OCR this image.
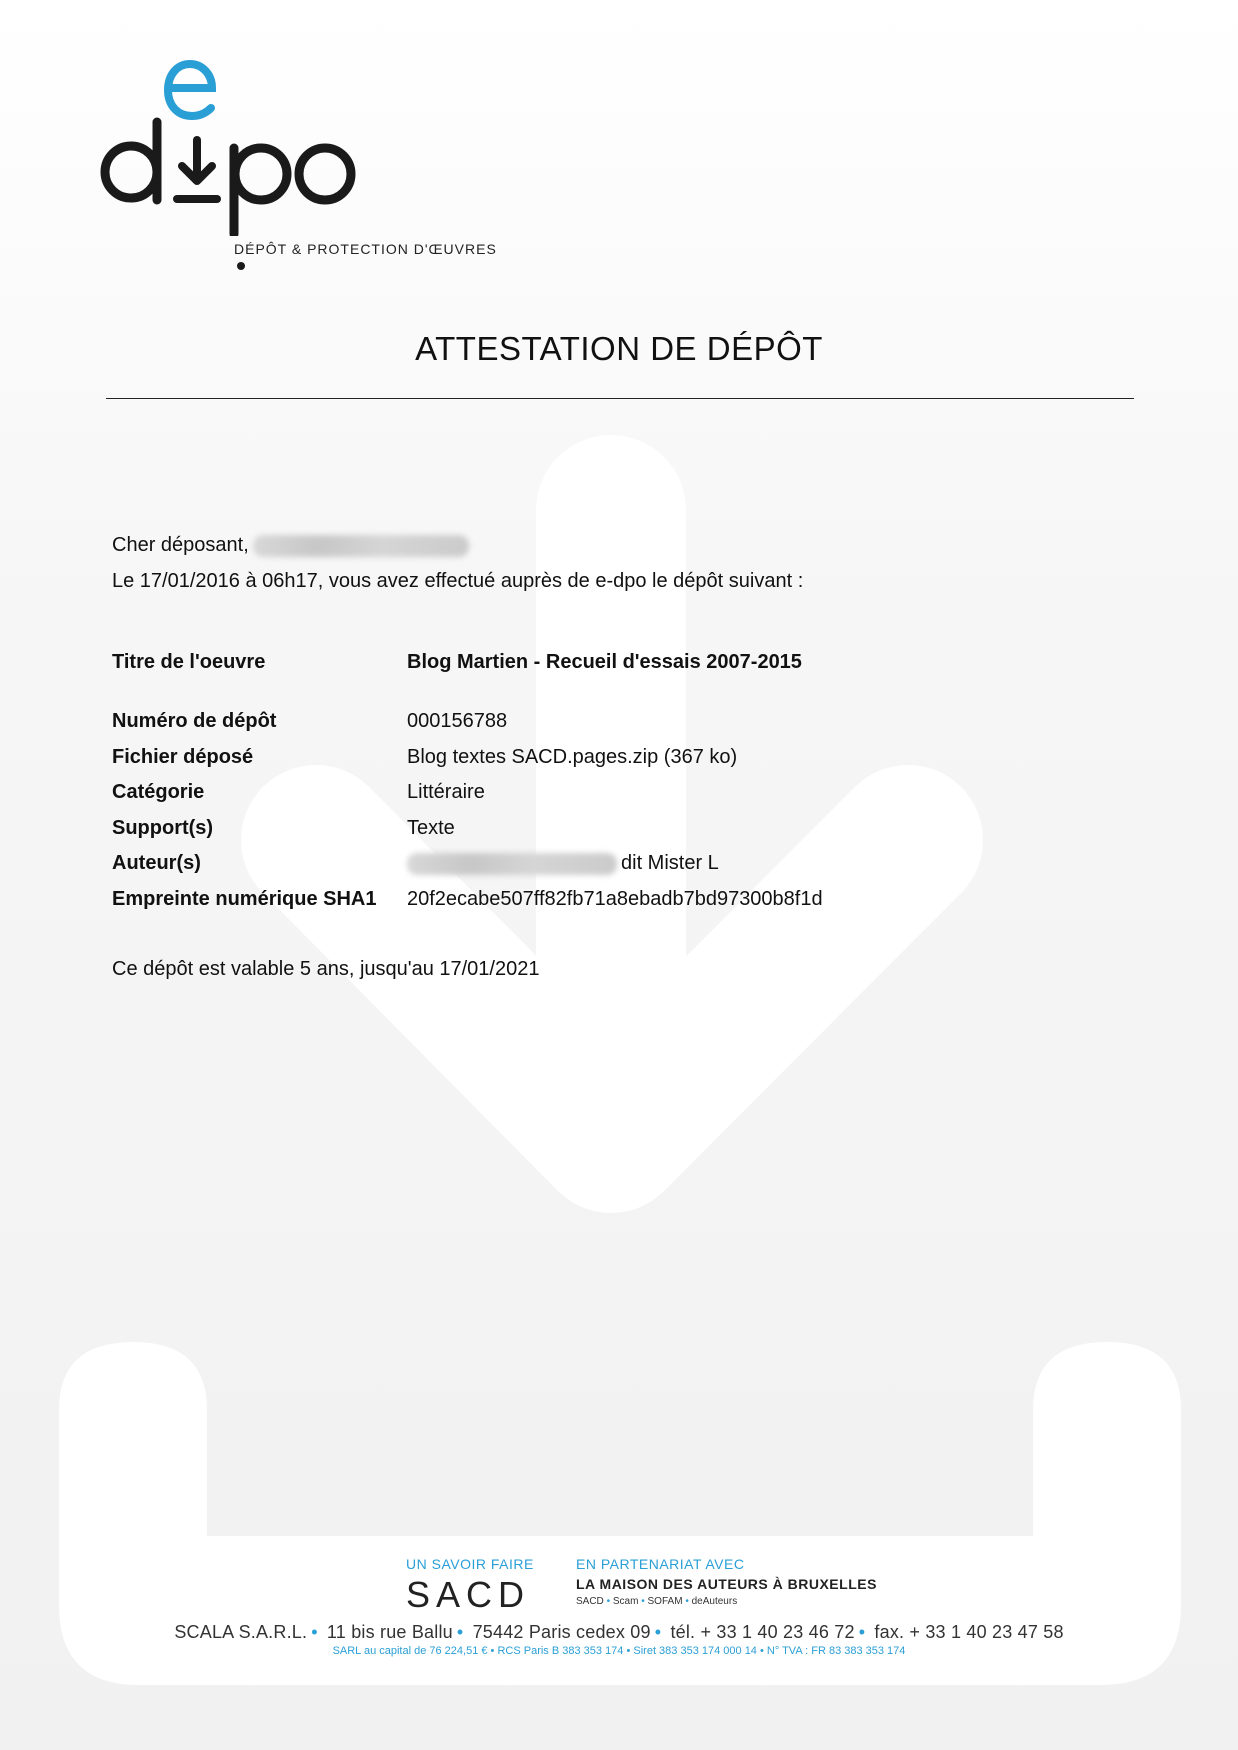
DÉPÔT & PROTECTION D'ŒUVRES
ATTESTATION DE DÉPÔT
Cher déposant,
Le 17/01/2016 à 06h17, vous avez effectué auprès de e-dpo le dépôt suivant :
Titre de l'oeuvre	Blog Martien - Recueil d'essais 2007-2015
Numéro de dépôt	000156788
Fichier déposé	Blog textes SACD.pages.zip (367 ko)
Catégorie	Littéraire
Support(s)	Texte
Auteur(s)	dit Mister L
Empreinte numérique SHA1 20f2ecabe507ff82fb71a8ebadb7bd97300b8f1d
Ce dépôt est valable 5 ans, jusqu'au 17/01/2021
UN SAVOIR FAIRE
SACD
EN PARTENARIAT AVEC
LA MAISON DES AUTEURS À BRUXELLES
SACD • Scam • SOFAM • deAuteurs
SCALA S.A.R.L. • 11 bis rue Ballu • 75442 Paris cedex 09 • tél. + 33 1 40 23 46 72 • fax. + 33 1 40 23 47 58
SARL au capital de 76 224,51 € • RCS Paris B 383 353 174 • Siret 383 353 174 000 14 • N° TVA : FR 83 383 353 174
